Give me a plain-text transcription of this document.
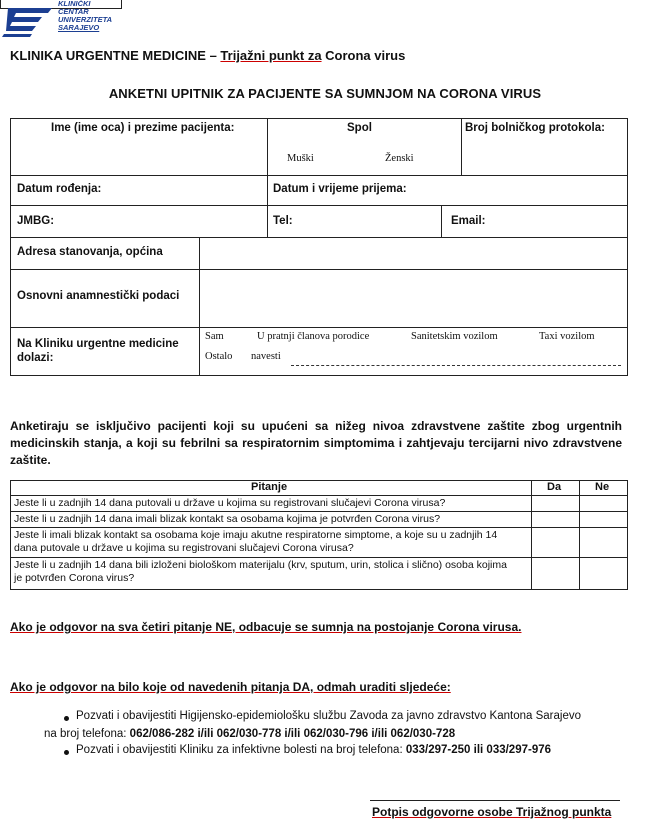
KLINIČKI
CENTAR
UNIVERZITETA
SARAJEVO
KLINIKA URGENTNE MEDICINE – Trijažni punkt za Corona virus
ANKETNI UPITNIK ZA PACIJENTE SA SUMNJOM NA CORONA VIRUS
Ime (ime oca) i prezime pacijenta:	Spol
Muški	Ženski
Broj bolničkog protokola:
Datum rođenja:	Datum i vrijeme prijema:
JMBG:	Tel:	Email:
Adresa stanovanja, općina
Osnovni anamnestički podaci
Na Kliniku urgentne medicine dolazi:
Sam	U pratnji članova porodice	Sanitetskim vozilom	Taxi vozilom
Ostalo navesti
Anketiraju se isključivo pacijenti koji su upućeni sa nižeg nivoa zdravstvene zaštite zbog urgentnih medicinskih stanja, a koji su febrilni sa respiratornim simptomima i zahtjevaju tercijarni nivo zdravstvene zaštite.
Pitanje	Da	Ne
Jeste li u zadnjih 14 dana putovali u države u kojima su registrovani slučajevi Corona virusa?
Jeste li u zadnjih 14 dana imali blizak kontakt sa osobama kojima je potvrđen Corona virus?
Jeste li imali blizak kontakt sa osobama koje imaju akutne respiratorne simptome, a koje su u zadnjih 14 dana putovale u države u kojima su registrovani slučajevi Corona virusa?
Jeste li u zadnjih 14 dana bili izloženi biološkom materijalu (krv, sputum, urin, stolica i slično) osoba kojima je potvrđen Corona virus?
Ako je odgovor na sva četiri pitanje NE, odbacuje se sumnja na postojanje Corona virusa.
Ako je odgovor na bilo koje od navedenih pitanja DA, odmah uraditi sljedeće:
Pozvati i obavijestiti Higijensko-epidemiološku službu Zavoda za javno zdravstvo Kantona Sarajevo
na broj telefona: 062/086-282 i/ili 062/030-778 i/ili 062/030-796 i/ili 062/030-728
Pozvati i obavijestiti Kliniku za infektivne bolesti na broj telefona: 033/297-250 ili 033/297-976
Potpis odgovorne osobe Trijažnog punkta
